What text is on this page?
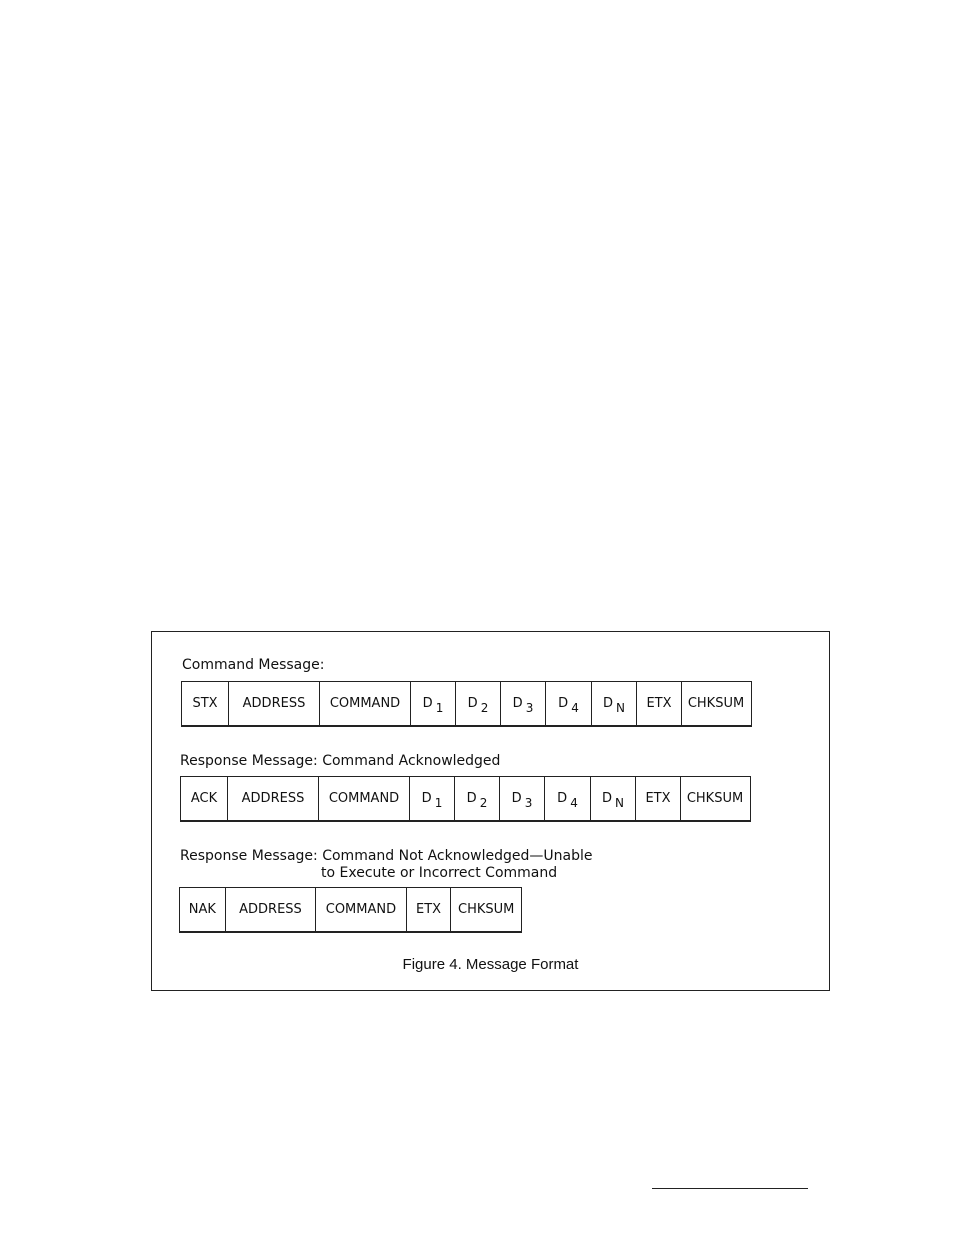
Command Message:
STX ADDRESS COMMAND D $_1$ D $_2$ D $_3$ D $_4$ D $_N$ ETX CHKSUM
Response Message: Command Acknowledged
ACK ADDRESS COMMAND D $_1$ D $_2$ D $_3$ D $_4$ D $_N$ ETX CHKSUM
Response Message: Command Not Acknowledged—Unable
to Execute or Incorrect Command
NAK ADDRESS COMMAND ETX CHKSUM
Figure 4. Message Format
